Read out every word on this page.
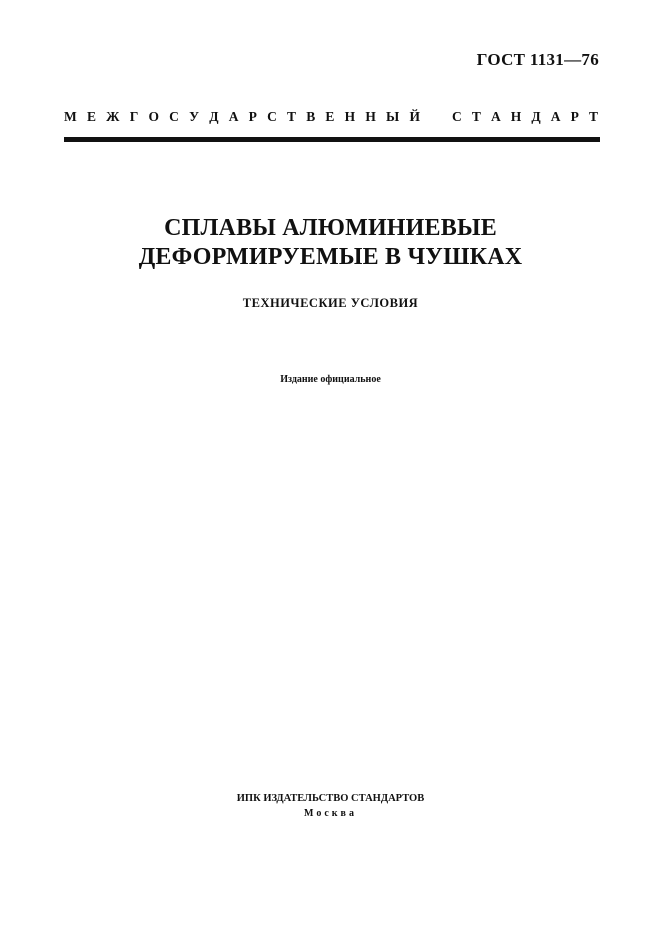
ГОСТ 1131—76
М Е Ж Г О С У Д А Р С Т В Е Н Н Ы Й С Т А Н Д А Р Т
СПЛАВЫ АЛЮМИНИЕВЫЕ
ДЕФОРМИРУЕМЫЕ В ЧУШКАХ
ТЕХНИЧЕСКИЕ УСЛОВИЯ
Издание официальное
ИПК ИЗДАТЕЛЬСТВО СТАНДАРТОВ
Москва
